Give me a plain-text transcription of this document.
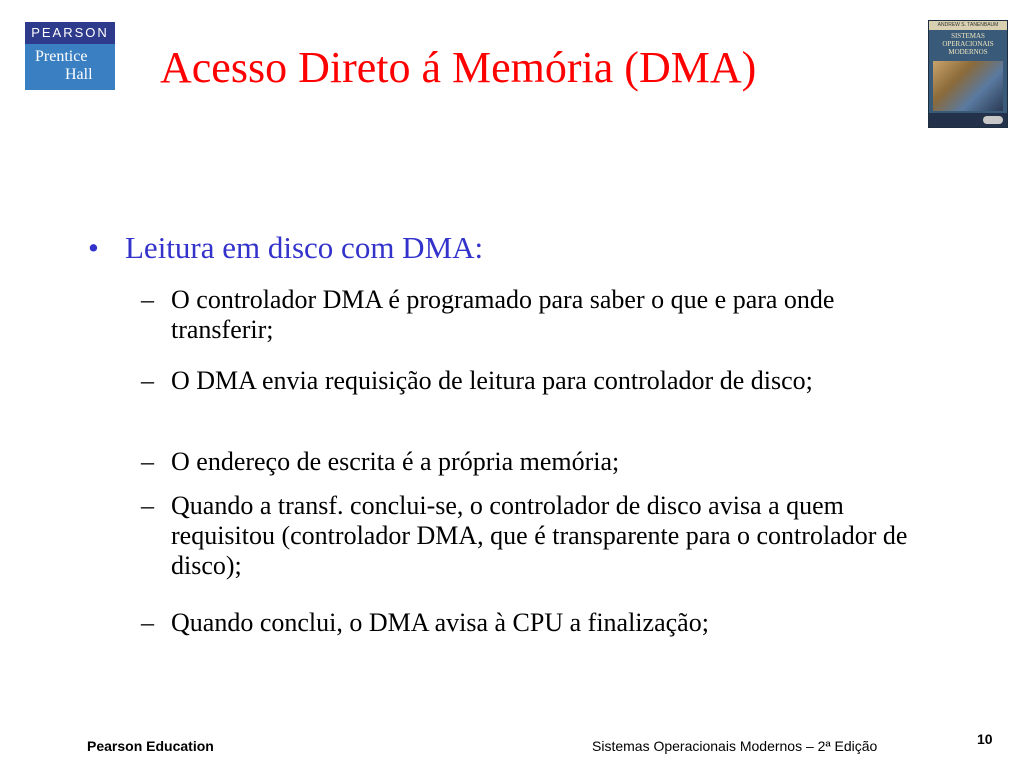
PEARSON
Prentice
Hall Acesso Direto á Memória (DMA)
ANDREW S. TANENBAUM
SISTEMAS OPERACIONAIS MODERNOS
• Leitura em disco com DMA:
– O controlador DMA é programado para saber o que e para onde transferir;
– O DMA envia requisição de leitura para controlador de disco;
– O endereço de escrita é a própria memória;
– Quando a transf. conclui-se, o controlador de disco avisa a quem requisitou (controlador DMA, que é transparente para o controlador de disco);
– Quando conclui, o DMA avisa à CPU a finalização;
Pearson Education	Sistemas Operacionais Modernos – 2ª Edição	10
